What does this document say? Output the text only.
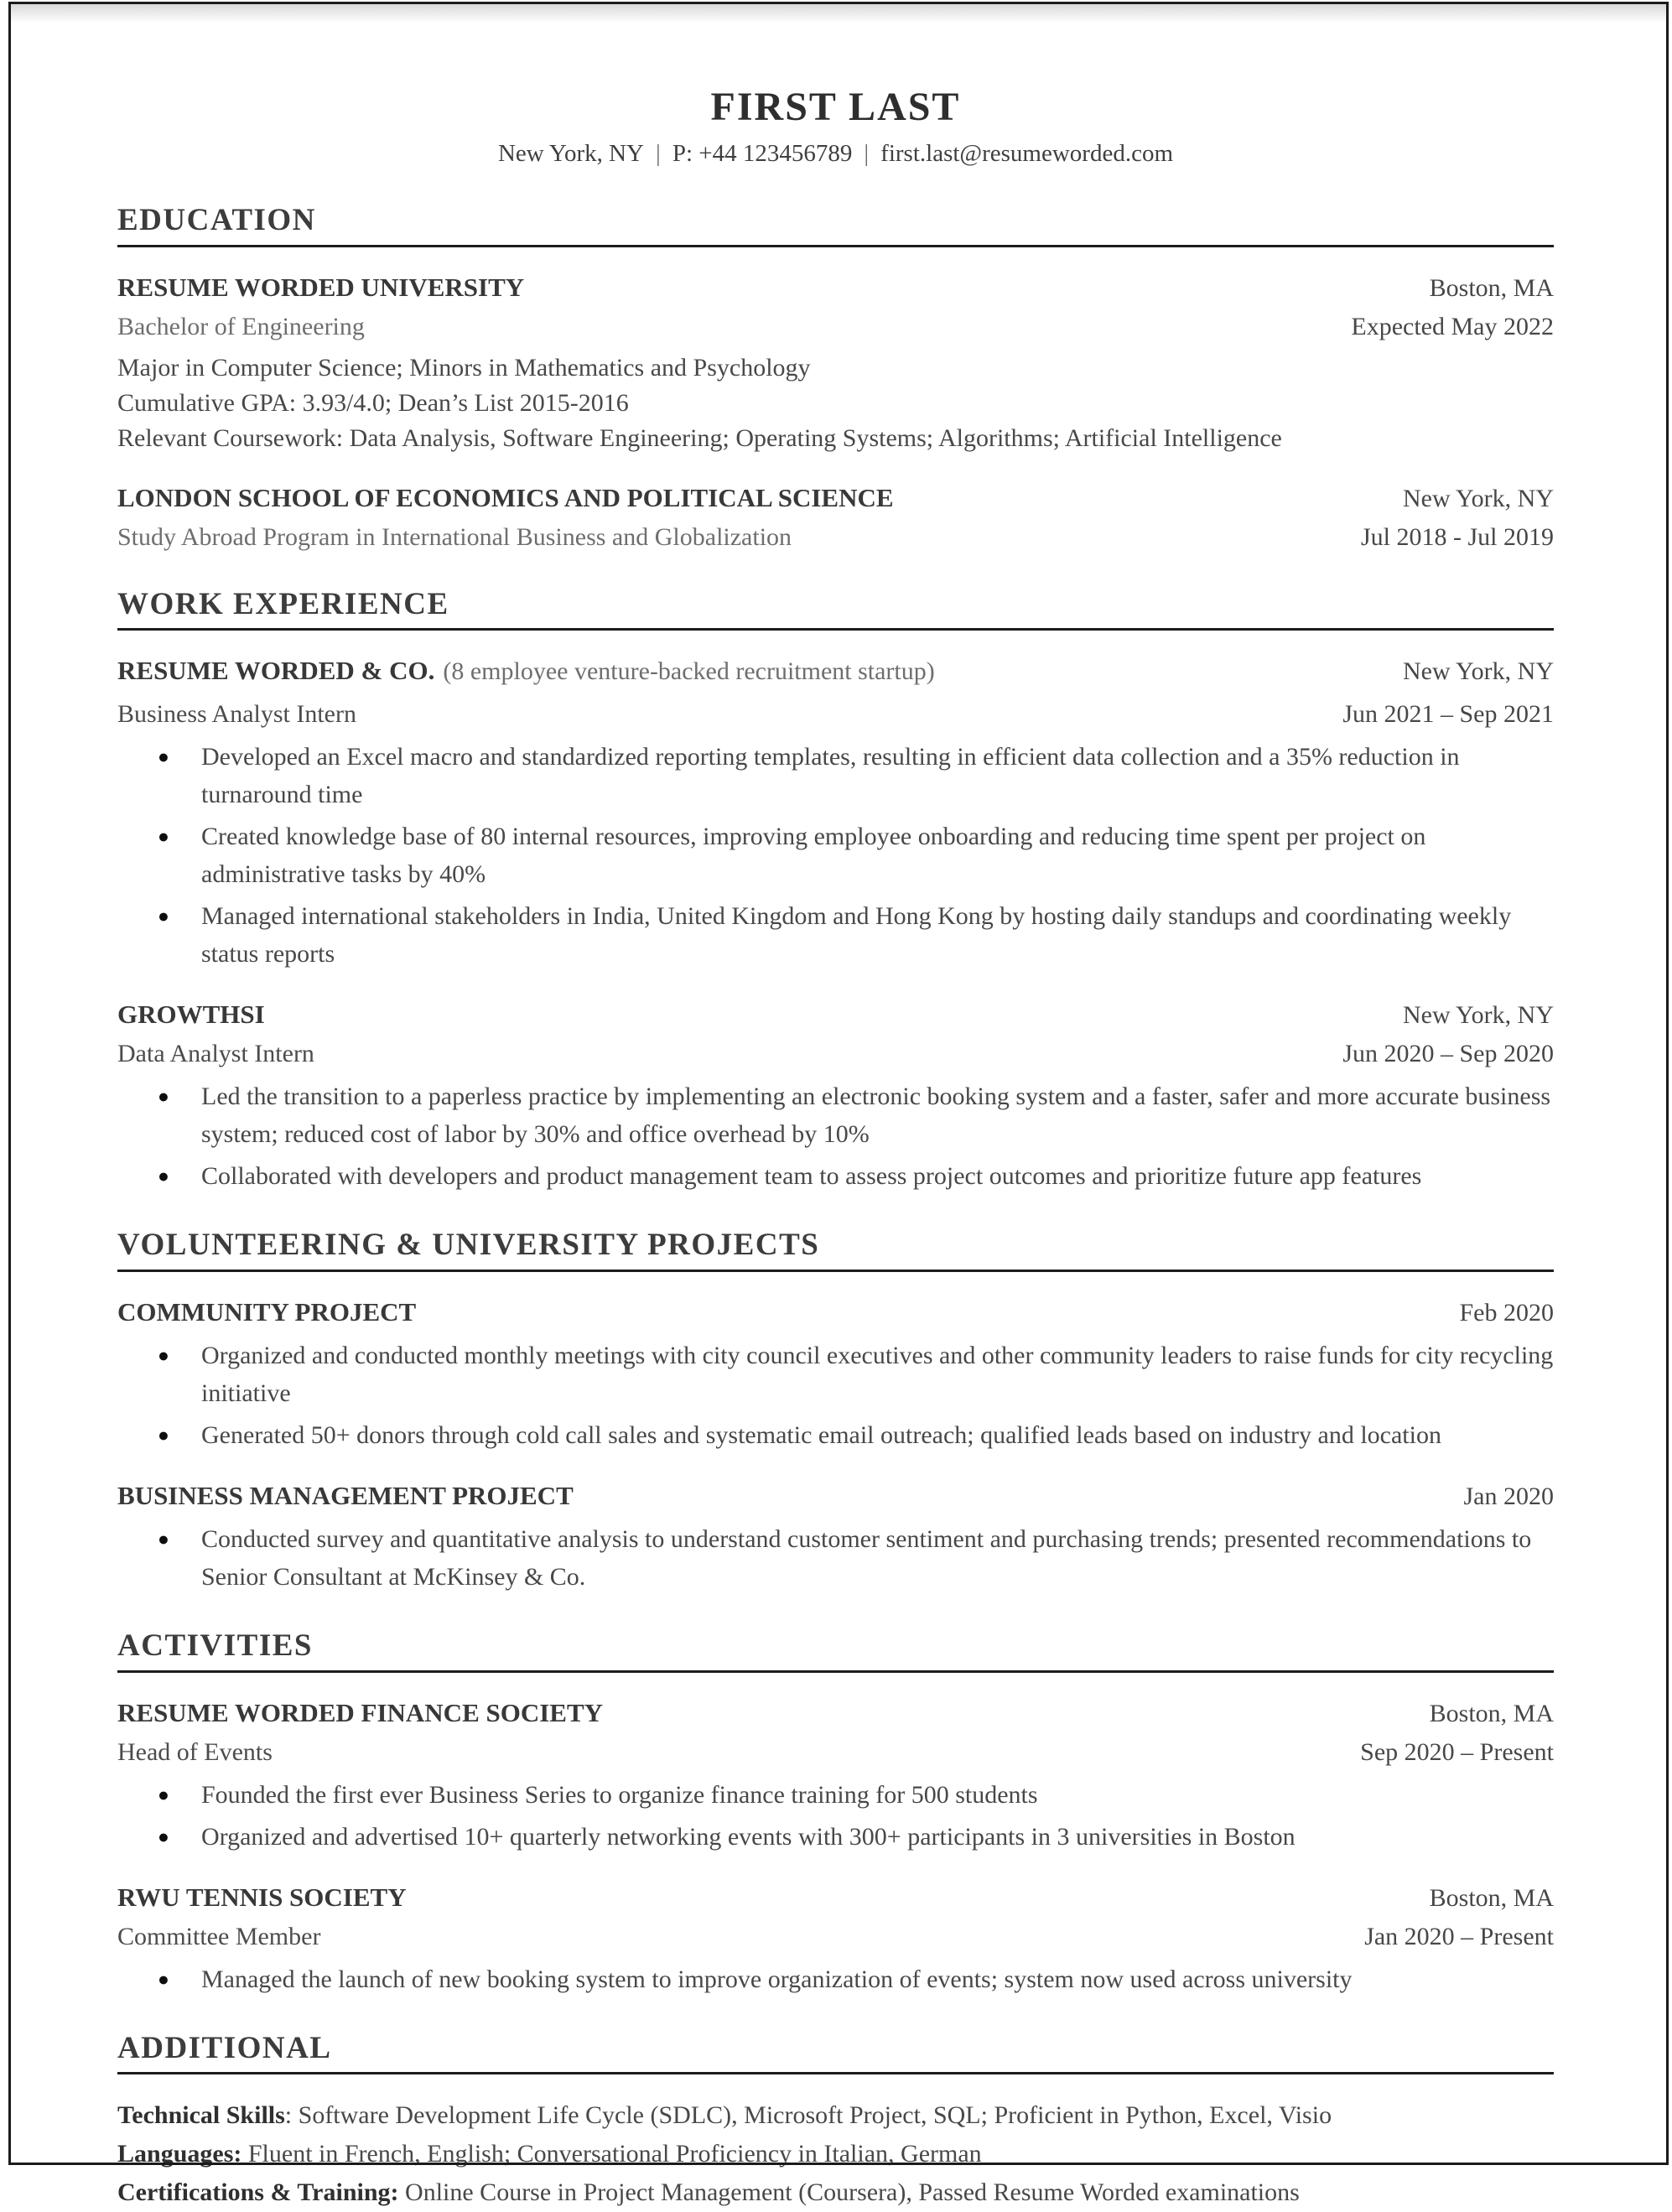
FIRST LAST
New York, NY | P: +44 123456789 | first.last@resumeworded.com
EDUCATION
RESUME WORDED UNIVERSITY	Boston, MA
Bachelor of Engineering	Expected May 2022

Major in Computer Science; Minors in Mathematics and Psychology

Cumulative GPA: 3.93/4.0; Dean’s List 2015-2016

Relevant Coursework: Data Analysis, Software Engineering; Operating Systems; Algorithms; Artificial Intelligence

LONDON SCHOOL OF ECONOMICS AND POLITICAL SCIENCE	New York, NY
Study Abroad Program in International Business and Globalization	Jul 2018 - Jul 2019
WORK EXPERIENCE
RESUME WORDED & CO. (8 employee venture-backed recruitment startup)	New York, NY
Business Analyst Intern	Jun 2021 – Sep 2021
● Developed an Excel macro and standardized reporting templates, resulting in efficient data collection and a 35% reduction in turnaround time
● Created knowledge base of 80 internal resources, improving employee onboarding and reducing time spent per project on administrative tasks by 40%
● Managed international stakeholders in India, United Kingdom and Hong Kong by hosting daily standups and coordinating weekly status reports
GROWTHSI	New York, NY
Data Analyst Intern	Jun 2020 – Sep 2020
● Led the transition to a paperless practice by implementing an electronic booking system and a faster, safer and more accurate business system; reduced cost of labor by 30% and office overhead by 10%
● Collaborated with developers and product management team to assess project outcomes and prioritize future app features
VOLUNTEERING & UNIVERSITY PROJECTS
COMMUNITY PROJECT	Feb 2020
● Organized and conducted monthly meetings with city council executives and other community leaders to raise funds for city recycling initiative
● Generated 50+ donors through cold call sales and systematic email outreach; qualified leads based on industry and location
BUSINESS MANAGEMENT PROJECT	Jan 2020
● Conducted survey and quantitative analysis to understand customer sentiment and purchasing trends; presented recommendations to Senior Consultant at McKinsey & Co.
ACTIVITIES
RESUME WORDED FINANCE SOCIETY	Boston, MA
Head of Events	Sep 2020 – Present
● Founded the first ever Business Series to organize finance training for 500 students
● Organized and advertised 10+ quarterly networking events with 300+ participants in 3 universities in Boston
RWU TENNIS SOCIETY	Boston, MA
Committee Member	Jan 2020 – Present
● Managed the launch of new booking system to improve organization of events; system now used across university
ADDITIONAL

Technical Skills: Software Development Life Cycle (SDLC), Microsoft Project, SQL; Proficient in Python, Excel, Visio

Languages: Fluent in French, English; Conversational Proficiency in Italian, German

Certifications & Training: Online Course in Project Management (Coursera), Passed Resume Worded examinations
